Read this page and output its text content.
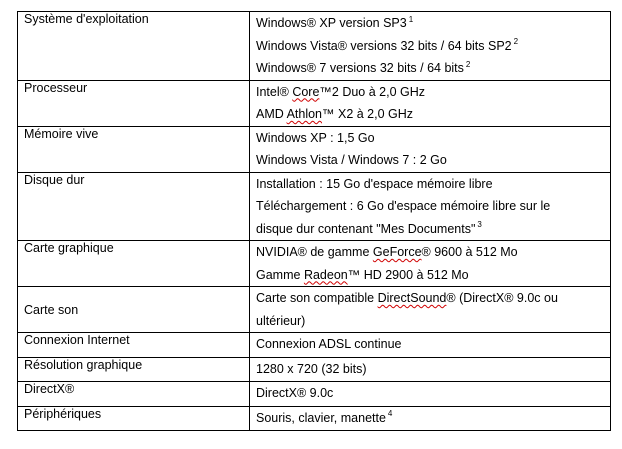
Système d'exploitation	Windows® XP version SP3 $^1$
Windows Vista® versions 32 bits / 64 bits SP2 $^2$
Windows® 7 versions 32 bits / 64 bits $^2$

Processeur	Intel® Core™2 Duo à 2,0 GHz
AMD Athlon™ X2 à 2,0 GHz

Mémoire vive	Windows XP : 1,5 Go
Windows Vista / Windows 7 : 2 Go

Disque dur	Installation : 15 Go d'espace mémoire libre
Téléchargement : 6 Go d'espace mémoire libre sur le
disque dur contenant "Mes Documents" $^3$

Carte graphique	NVIDIA® de gamme GeForce® 9600 à 512 Mo
Gamme Radeon™ HD 2900 à 512 Mo

Carte son	Carte son compatible DirectSound® (DirectX® 9.0c ou
ultérieur)

Connexion Internet	Connexion ADSL continue

Résolution graphique	1280 x 720 (32 bits)

DirectX®	DirectX® 9.0c

Périphériques	Souris, clavier, manette $^4$
